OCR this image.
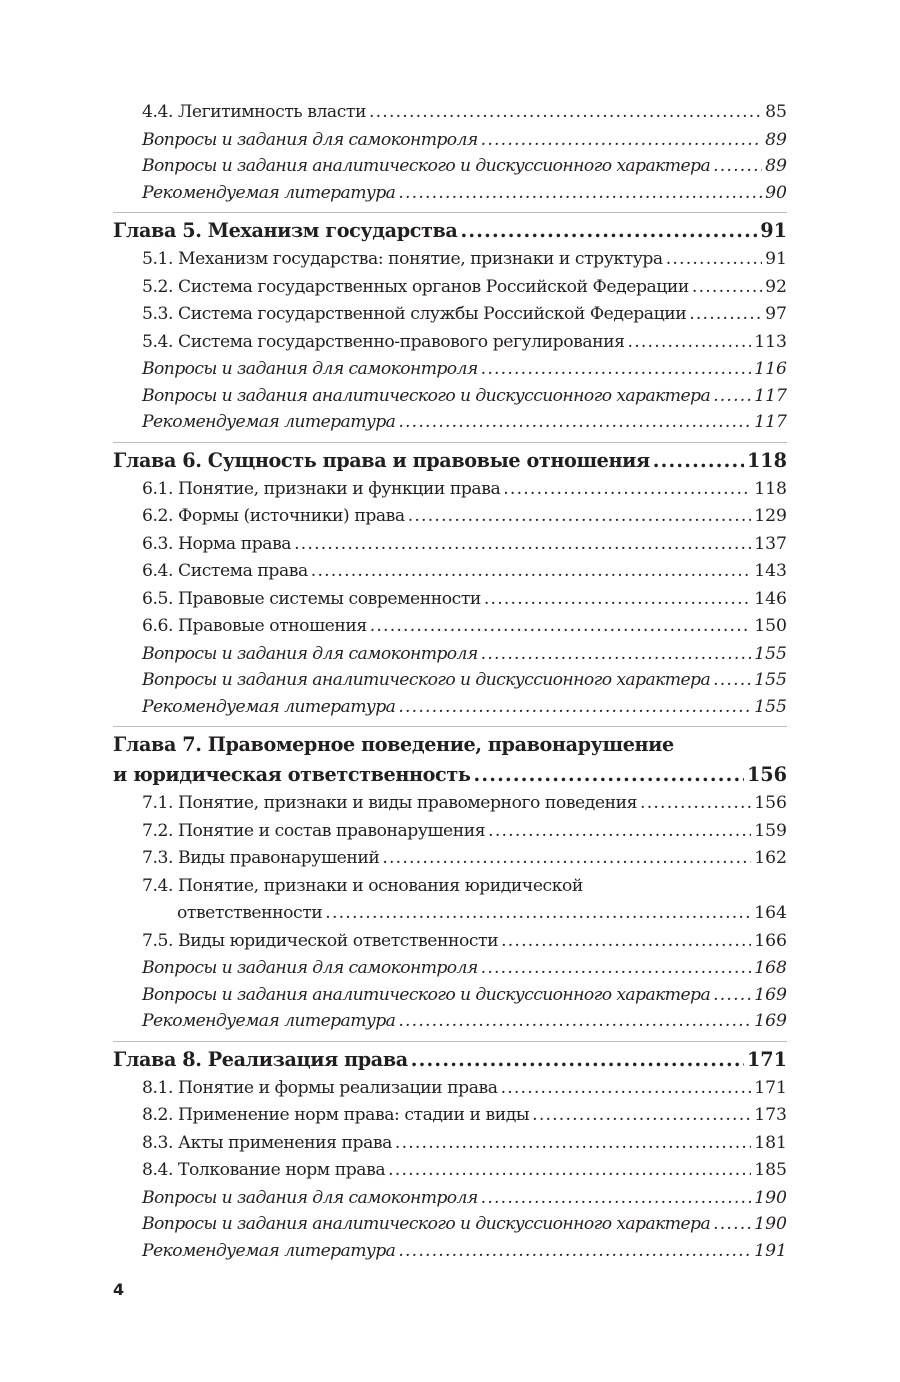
4.4. Легитимность власти .....	85
Вопросы и задания для самоконтроля .....	89
Вопросы и задания аналитического и дискуссионного характера .....	89
Рекомендуемая литература .....	90
Глава 5. Механизм государства .....	91
5.1. Механизм государства: понятие, признаки и структура .....	91
5.2. Система государственных органов Российской Федерации .....	92
5.3. Система государственной службы Российской Федерации .....	97
5.4. Система государственно-правового регулирования .....	113
Вопросы и задания для самоконтроля .....	116
Вопросы и задания аналитического и дискуссионного характера .....	117
Рекомендуемая литература .....	117
Глава 6. Сущность права и правовые отношения .....	118
6.1. Понятие, признаки и функции права .....	118
6.2. Формы (источники) права .....	129
6.3. Норма права .....	137
6.4. Система права .....	143
6.5. Правовые системы современности .....	146
6.6. Правовые отношения .....	150
Вопросы и задания для самоконтроля .....	155
Вопросы и задания аналитического и дискуссионного характера .....	155
Рекомендуемая литература .....	155
Глава 7. Правомерное поведение, правонарушение
и юридическая ответственность .....	156
7.1. Понятие, признаки и виды правомерного поведения .....	156
7.2. Понятие и состав правонарушения .....	159
7.3. Виды правонарушений .....	162
7.4. Понятие, признаки и основания юридической
ответственности .....	164
7.5. Виды юридической ответственности .....	166
Вопросы и задания для самоконтроля .....	168
Вопросы и задания аналитического и дискуссионного характера .....	169
Рекомендуемая литература .....	169
Глава 8. Реализация права .....	171
8.1. Понятие и формы реализации права .....	171
8.2. Применение норм права: стадии и виды .....	173
8.3. Акты применения права .....	181
8.4. Толкование норм права .....	185
Вопросы и задания для самоконтроля .....	190
Вопросы и задания аналитического и дискуссионного характера .....	190
Рекомендуемая литература .....	191
4
